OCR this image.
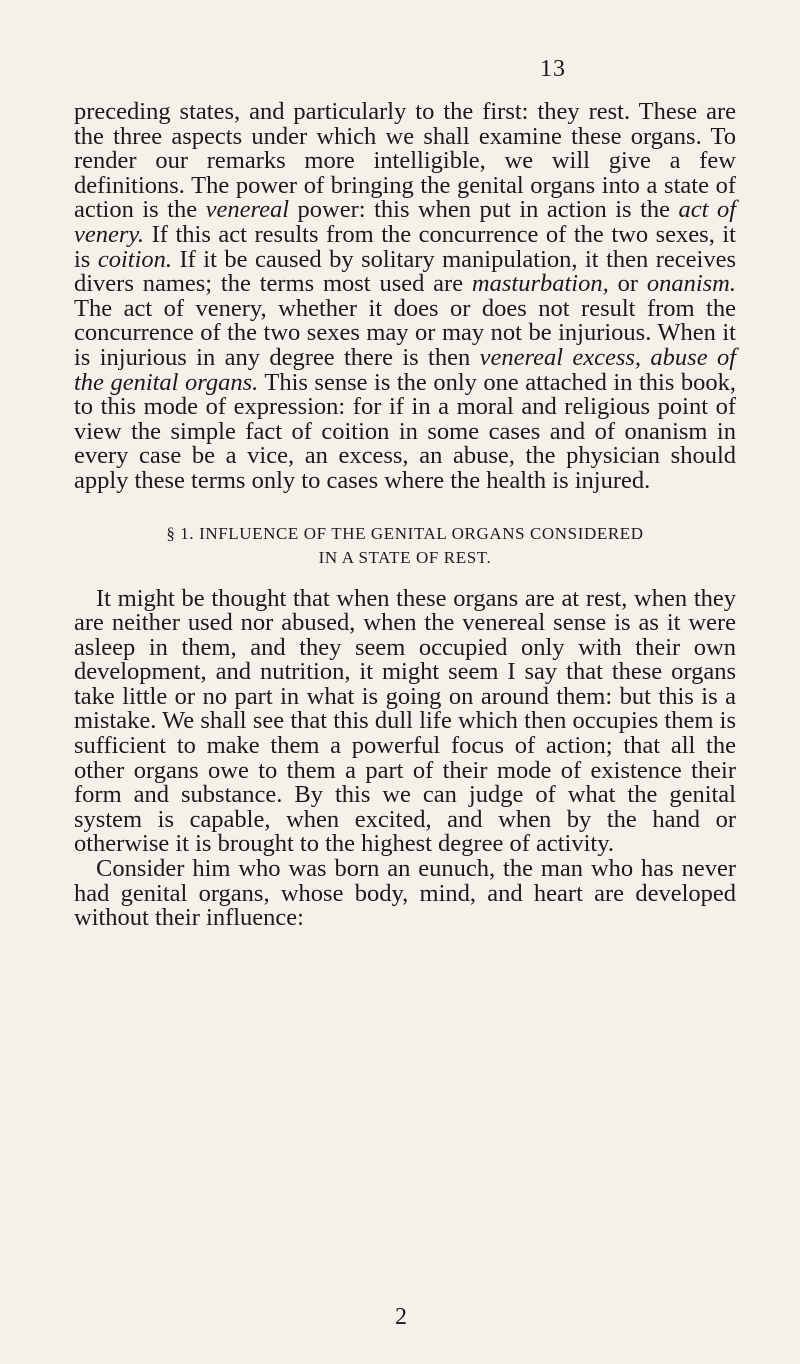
13

preceding states, and particularly to the first: they rest. These are the three aspects under which we shall examine these organs. To render our remarks more intelligible, we will give a few definitions. The power of bringing the genital organs into a state of action is the venereal power: this when put in action is the act of venery. If this act results from the concurrence of the two sexes, it is coition. If it be caused by solitary manipulation, it then receives divers names; the terms most used are masturbation, or onanism. The act of venery, whether it does or does not result from the concurrence of the two sexes may or may not be injurious. When it is injurious in any degree there is then venereal excess, abuse of the genital organs. This sense is the only one attached in this book, to this mode of expression: for if in a moral and religious point of view the simple fact of coition in some cases and of onanism in every case be a vice, an excess, an abuse, the physician should apply these terms only to cases where the health is injured.

§ 1. INFLUENCE OF THE GENITAL ORGANS CONSIDERED
IN A STATE OF REST.

It might be thought that when these organs are at rest, when they are neither used nor abused, when the venereal sense is as it were asleep in them, and they seem occupied only with their own development, and nutrition, it might seem I say that these organs take little or no part in what is going on around them: but this is a mistake. We shall see that this dull life which then occupies them is sufficient to make them a powerful focus of action; that all the other organs owe to them a part of their mode of existence their form and substance. By this we can judge of what the genital system is capable, when excited, and when by the hand or otherwise it is brought to the highest degree of activity.

Consider him who was born an eunuch, the man who has never had genital organs, whose body, mind, and heart are developed without their influence:

2
